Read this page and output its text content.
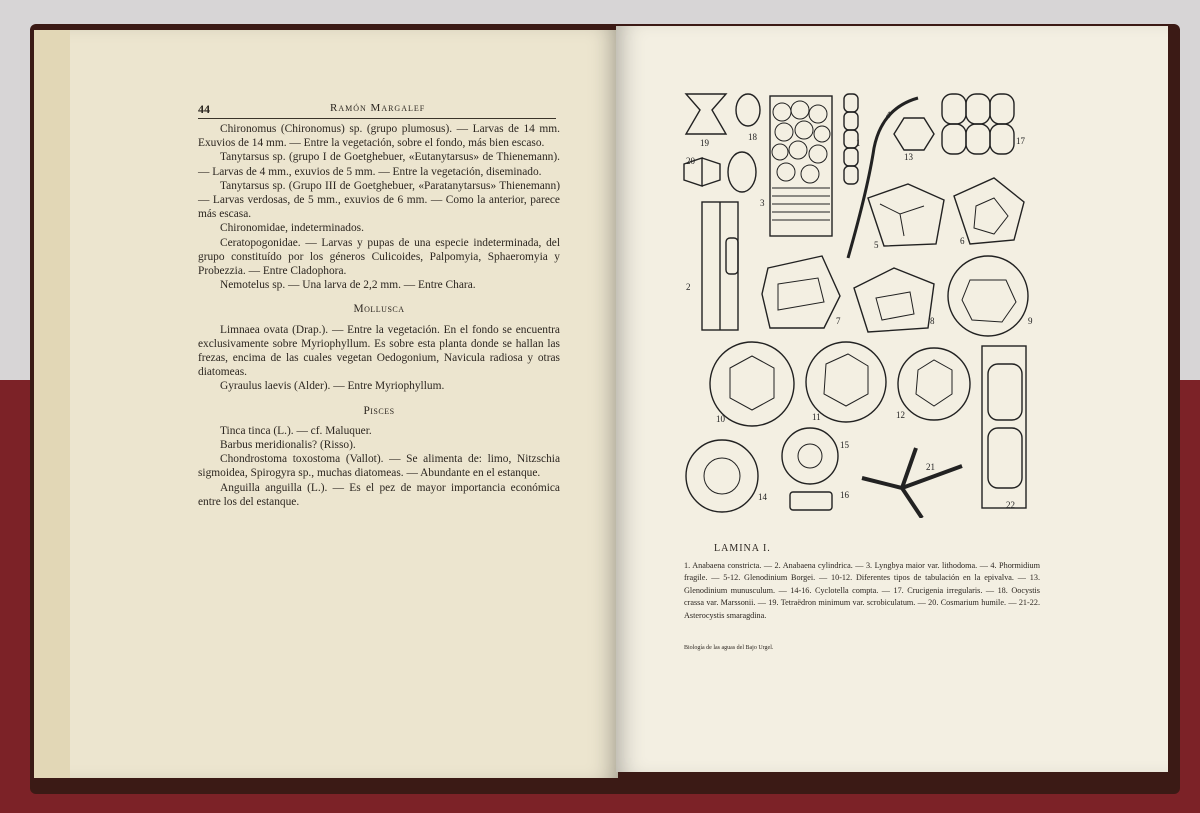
44	Ramón Margalef

Chironomus (Chironomus) sp. (grupo plumosus). — Larvas de 14 mm. Exuvios de 14 mm. — Entre la vegetación, sobre el fondo, más bien escaso.

Tanytarsus sp. (grupo I de Goetghebuer, «Eutanytarsus» de Thienemann). — Larvas de 4 mm., exuvios de 5 mm. — Entre la vegetación, diseminado.

Tanytarsus sp. (Grupo III de Goetghebuer, «Paratanytarsus» Thienemann) — Larvas verdosas, de 5 mm., exuvios de 6 mm. — Como la anterior, parece más escasa.

Chironomidae, indeterminados.

Ceratopogonidae. — Larvas y pupas de una especie indeterminada, del grupo constituído por los géneros Culicoides, Palpomyia, Sphaeromyia y Probezzia. — Entre Cladophora.

Nemotelus sp. — Una larva de 2,2 mm. — Entre Chara.

Mollusca

Limnaea ovata (Drap.). — Entre la vegetación. En el fondo se encuentra exclusivamente sobre Myriophyllum. Es sobre esta planta donde se hallan las frezas, encima de las cuales vegetan Oedogonium, Navicula radiosa y otras diatomeas.

Gyraulus laevis (Alder). — Entre Myriophyllum.

Pisces

Tinca tinca (L.). — cf. Maluquer.

Barbus meridionalis? (Risso).

Chondrostoma toxostoma (Vallot). — Se alimenta de: limo, Nitzschia sigmoidea, Spirogyra sp., muchas diatomeas. — Abundante en el estanque.

Anguilla anguilla (L.). — Es el pez de mayor importancia económica entre los del estanque.

1
2
3
4
5	6
7	8	9
10	11	12
13
14
15
16
17
18
19
20
21
22
LAMINA I.
1. Anabaena constricta. — 2. Anabaena cylindrica. — 3. Lyngbya maior var. lithodoma. — 4. Phormidium fragile. — 5-12. Glenodinium Borgei. — 10-12. Diferentes tipos de tabulación en la epivalva. — 13. Glenodinium munusculum. — 14-16. Cyclotella compta. — 17. Crucigenia irregularis. — 18. Oocystis crassa var. Marssonii. — 19. Tetraëdron minimum var. scrobiculatum. — 20. Cosmarium humile. — 21-22. Asterocystis smaragdina.
Biología de las aguas del Bajo Urgel.
